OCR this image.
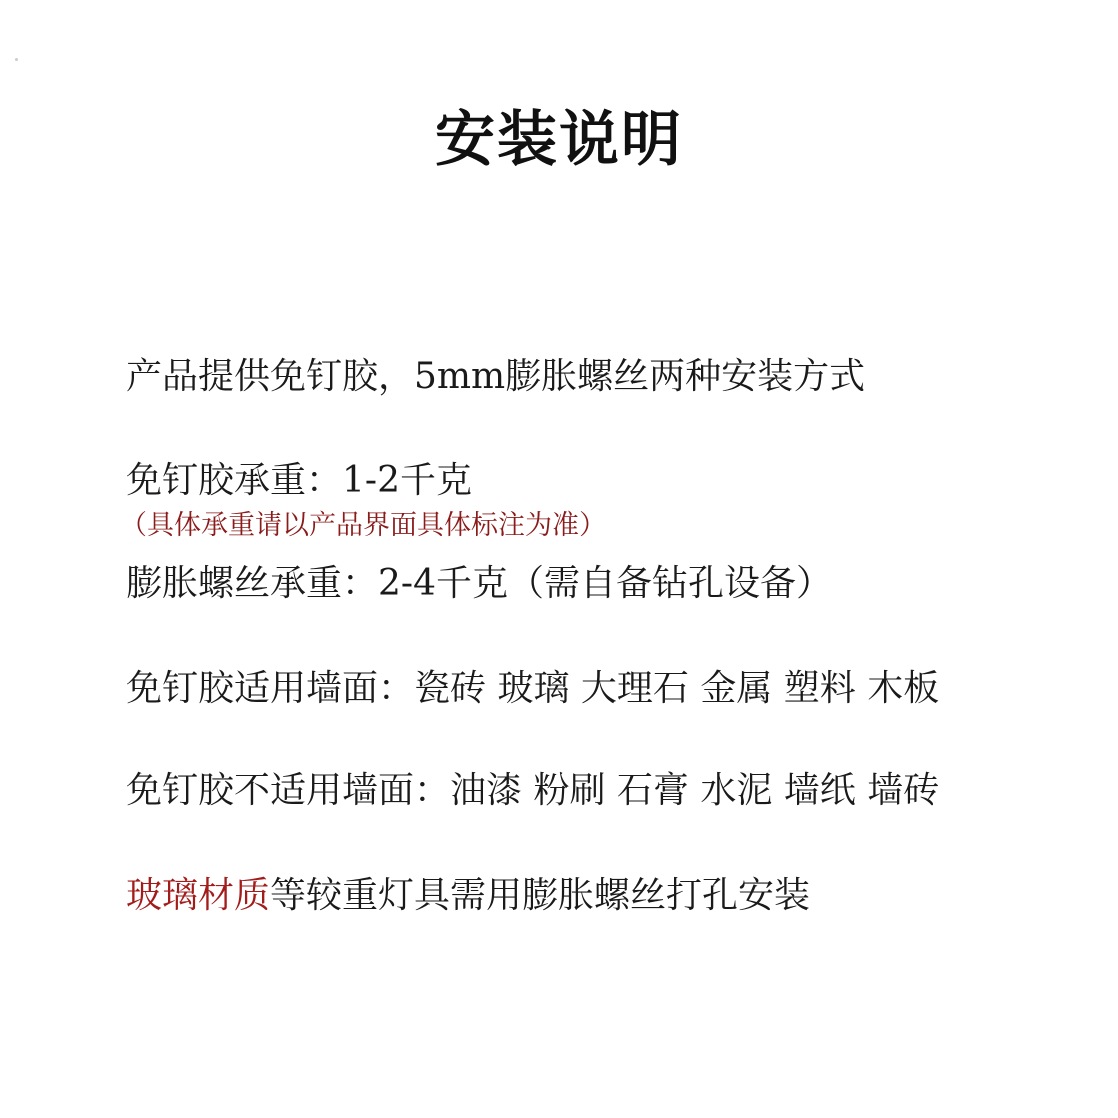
安装说明
产品提供免钉胶，5mm膨胀螺丝两种安装方式
免钉胶承重：1-2千克
（具体承重请以产品界面具体标注为准）
膨胀螺丝承重：2-4千克（需自备钻孔设备）
免钉胶适用墙面：瓷砖 玻璃 大理石 金属 塑料 木板
免钉胶不适用墙面：油漆 粉刷 石膏 水泥 墙纸 墙砖
玻璃材质等较重灯具需用膨胀螺丝打孔安装
